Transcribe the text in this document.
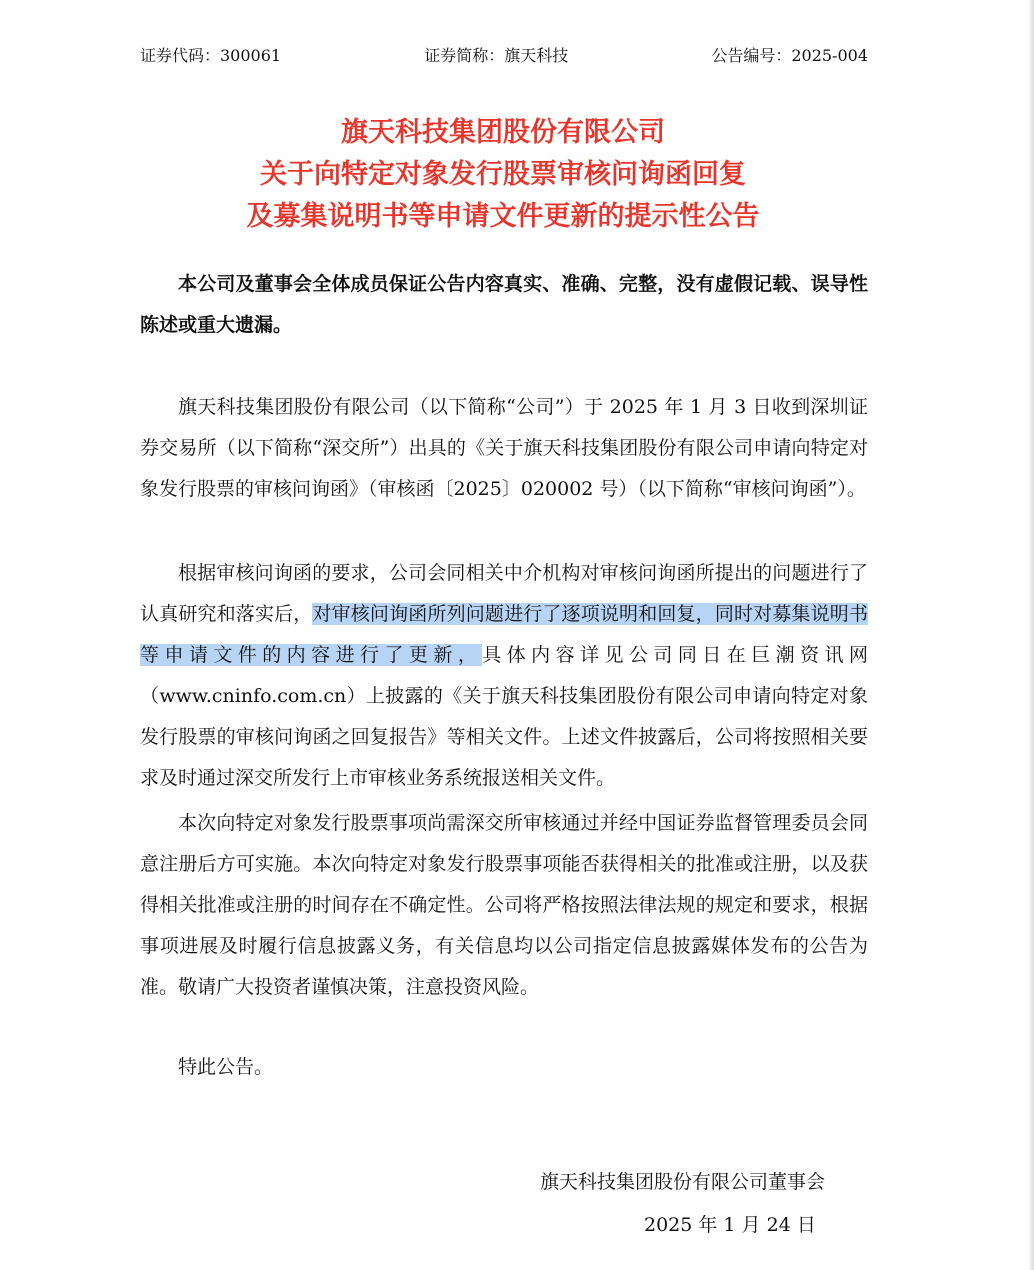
证券代码：300061	证券简称：旗天科技	公告编号：2025-004
旗天科技集团股份有限公司
关于向特定对象发行股票审核问询函回复
及募集说明书等申请文件更新的提示性公告

本公司及董事会全体成员保证公告内容真实、准确、完整，没有虚假记载、误导性陈述或重大遗漏。

旗天科技集团股份有限公司（以下简称“公司”）于 2025 年 1 月 3 日收到深圳证券交易所（以下简称“深交所”）出具的《关于旗天科技集团股份有限公司申请向特定对象发行股票的审核问询函》（审核函〔2025〕020002 号）（以下简称“审核问询函”）。

根据审核问询函的要求，公司会同相关中介机构对审核问询函所提出的问题进行了认真研究和落实后，对审核问询函所列问题进行了逐项说明和回复，同时对募集说明书等申请文件的内容进行了更新，具体内容详见公司同日在巨潮资讯网（www.cninfo.com.cn）上披露的《关于旗天科技集团股份有限公司申请向特定对象发行股票的审核问询函之回复报告》等相关文件。上述文件披露后，公司将按照相关要求及时通过深交所发行上市审核业务系统报送相关文件。

本次向特定对象发行股票事项尚需深交所审核通过并经中国证券监督管理委员会同意注册后方可实施。本次向特定对象发行股票事项能否获得相关的批准或注册，以及获得相关批准或注册的时间存在不确定性。公司将严格按照法律法规的规定和要求，根据事项进展及时履行信息披露义务，有关信息均以公司指定信息披露媒体发布的公告为准。敬请广大投资者谨慎决策，注意投资风险。

特此公告。

旗天科技集团股份有限公司董事会
2025 年 1 月 24 日
